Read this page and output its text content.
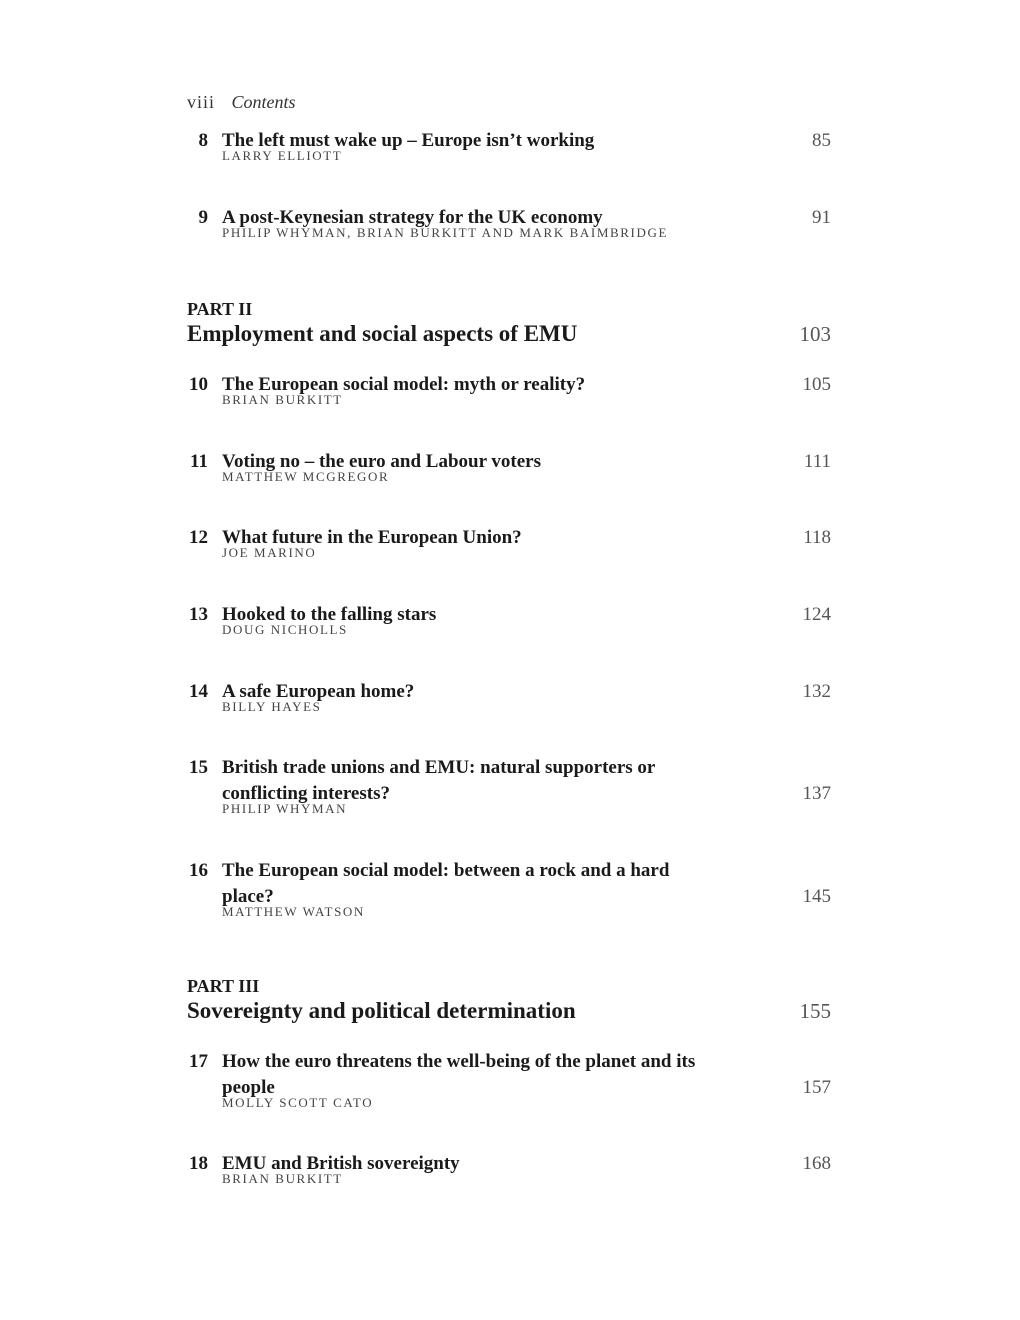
viii Contents
8 The left must wake up – Europe isn’t working	85
LARRY ELLIOTT
9 A post-Keynesian strategy for the UK economy	91
PHILIP WHYMAN, BRIAN BURKITT AND MARK BAIMBRIDGE
PART II
Employment and social aspects of EMU	103
10 The European social model: myth or reality?	105
BRIAN BURKITT
11 Voting no – the euro and Labour voters	111
MATTHEW MCGREGOR
12 What future in the European Union?	118
JOE MARINO
13 Hooked to the falling stars	124
DOUG NICHOLLS
14 A safe European home?	132
BILLY HAYES
15 British trade unions and EMU: natural supporters or conflicting interests?	137
PHILIP WHYMAN
16 The European social model: between a rock and a hard place?	145
MATTHEW WATSON
PART III
Sovereignty and political determination	155
17 How the euro threatens the well-being of the planet and its people	157
MOLLY SCOTT CATO
18 EMU and British sovereignty	168
BRIAN BURKITT
